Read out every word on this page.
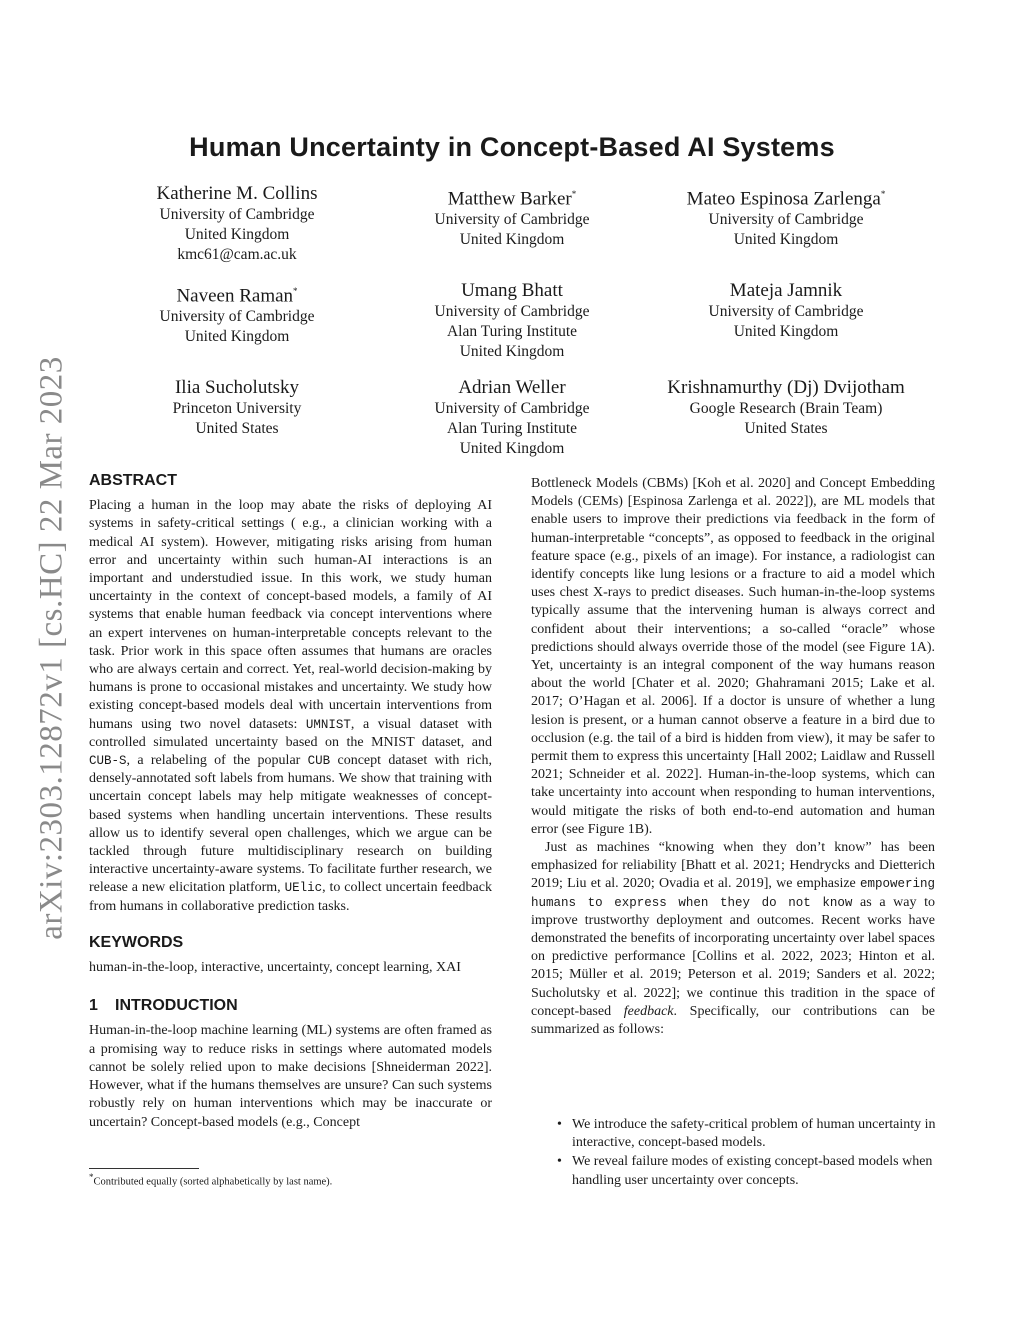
arXiv:2303.12872v1 [cs.HC] 22 Mar 2023
Human Uncertainty in Concept-Based AI Systems
Katherine M. Collins
University of Cambridge
United Kingdom
kmc61@cam.ac.uk
Matthew Barker*
University of Cambridge
United Kingdom
Mateo Espinosa Zarlenga*
University of Cambridge
United Kingdom
Naveen Raman*
University of Cambridge
United Kingdom
Umang Bhatt
University of Cambridge
Alan Turing Institute
United Kingdom
Mateja Jamnik
University of Cambridge
United Kingdom
Ilia Sucholutsky
Princeton University
United States
Adrian Weller
University of Cambridge
Alan Turing Institute
United Kingdom
Krishnamurthy (Dj) Dvijotham
Google Research (Brain Team)
United States
ABSTRACT

Placing a human in the loop may abate the risks of deploying AI systems in safety-critical settings ( e.g., a clinician working with a medical AI system). However, mitigating risks arising from human error and uncertainty within such human-AI interactions is an important and understudied issue. In this work, we study human uncertainty in the context of concept-based models, a family of AI systems that enable human feedback via concept interventions where an expert intervenes on human-interpretable concepts relevant to the task. Prior work in this space often assumes that humans are oracles who are always certain and correct. Yet, real-world decision-making by humans is prone to occasional mistakes and uncertainty. We study how existing concept-based models deal with uncertain interventions from humans using two novel datasets: UMNIST, a visual dataset with controlled simulated uncertainty based on the MNIST dataset, and CUB-S, a relabeling of the popular CUB concept dataset with rich, densely-annotated soft labels from humans. We show that training with uncertain concept labels may help mitigate weaknesses of concept-based systems when handling uncertain interventions. These results allow us to identify several open challenges, which we argue can be tackled through future multidisciplinary research on building interactive uncertainty-aware systems. To facilitate further research, we release a new elicitation platform, UElic, to collect uncertain feedback from humans in collaborative prediction tasks.

KEYWORDS

human-in-the-loop, interactive, uncertainty, concept learning, XAI

1 INTRODUCTION

Human-in-the-loop machine learning (ML) systems are often framed as a promising way to reduce risks in settings where automated models cannot be solely relied upon to make decisions [Shneiderman 2022]. However, what if the humans themselves are unsure? Can such systems robustly rely on human interventions which may be inaccurate or uncertain? Concept-based models (e.g., Concept

*Contributed equally (sorted alphabetically by last name).

Bottleneck Models (CBMs) [Koh et al. 2020] and Concept Embedding Models (CEMs) [Espinosa Zarlenga et al. 2022]), are ML models that enable users to improve their predictions via feedback in the form of human-interpretable “concepts”, as opposed to feedback in the original feature space (e.g., pixels of an image). For instance, a radiologist can identify concepts like lung lesions or a fracture to aid a model which uses chest X-rays to predict diseases. Such human-in-the-loop systems typically assume that the intervening human is always correct and confident about their interventions; a so-called “oracle” whose predictions should always override those of the model (see Figure 1A). Yet, uncertainty is an integral component of the way humans reason about the world [Chater et al. 2020; Ghahramani 2015; Lake et al. 2017; O’Hagan et al. 2006]. If a doctor is unsure of whether a lung lesion is present, or a human cannot observe a feature in a bird due to occlusion (e.g. the tail of a bird is hidden from view), it may be safer to permit them to express this uncertainty [Hall 2002; Laidlaw and Russell 2021; Schneider et al. 2022]. Human-in-the-loop systems, which can take uncertainty into account when responding to human interventions, would mitigate the risks of both end-to-end automation and human error (see Figure 1B).

Just as machines “knowing when they don’t know” has been emphasized for reliability [Bhatt et al. 2021; Hendrycks and Dietterich 2019; Liu et al. 2020; Ovadia et al. 2019], we emphasize empowering humans to express when they do not know as a way to improve trustworthy deployment and outcomes. Recent works have demonstrated the benefits of incorporating uncertainty over label spaces on predictive performance [Collins et al. 2022, 2023; Hinton et al. 2015; Müller et al. 2019; Peterson et al. 2019; Sanders et al. 2022; Sucholutsky et al. 2022]; we continue this tradition in the space of concept-based feedback. Specifically, our contributions can be summarized as follows:

• We introduce the safety-critical problem of human uncertainty in interactive, concept-based models.
• We reveal failure modes of existing concept-based models when handling user uncertainty over concepts.
